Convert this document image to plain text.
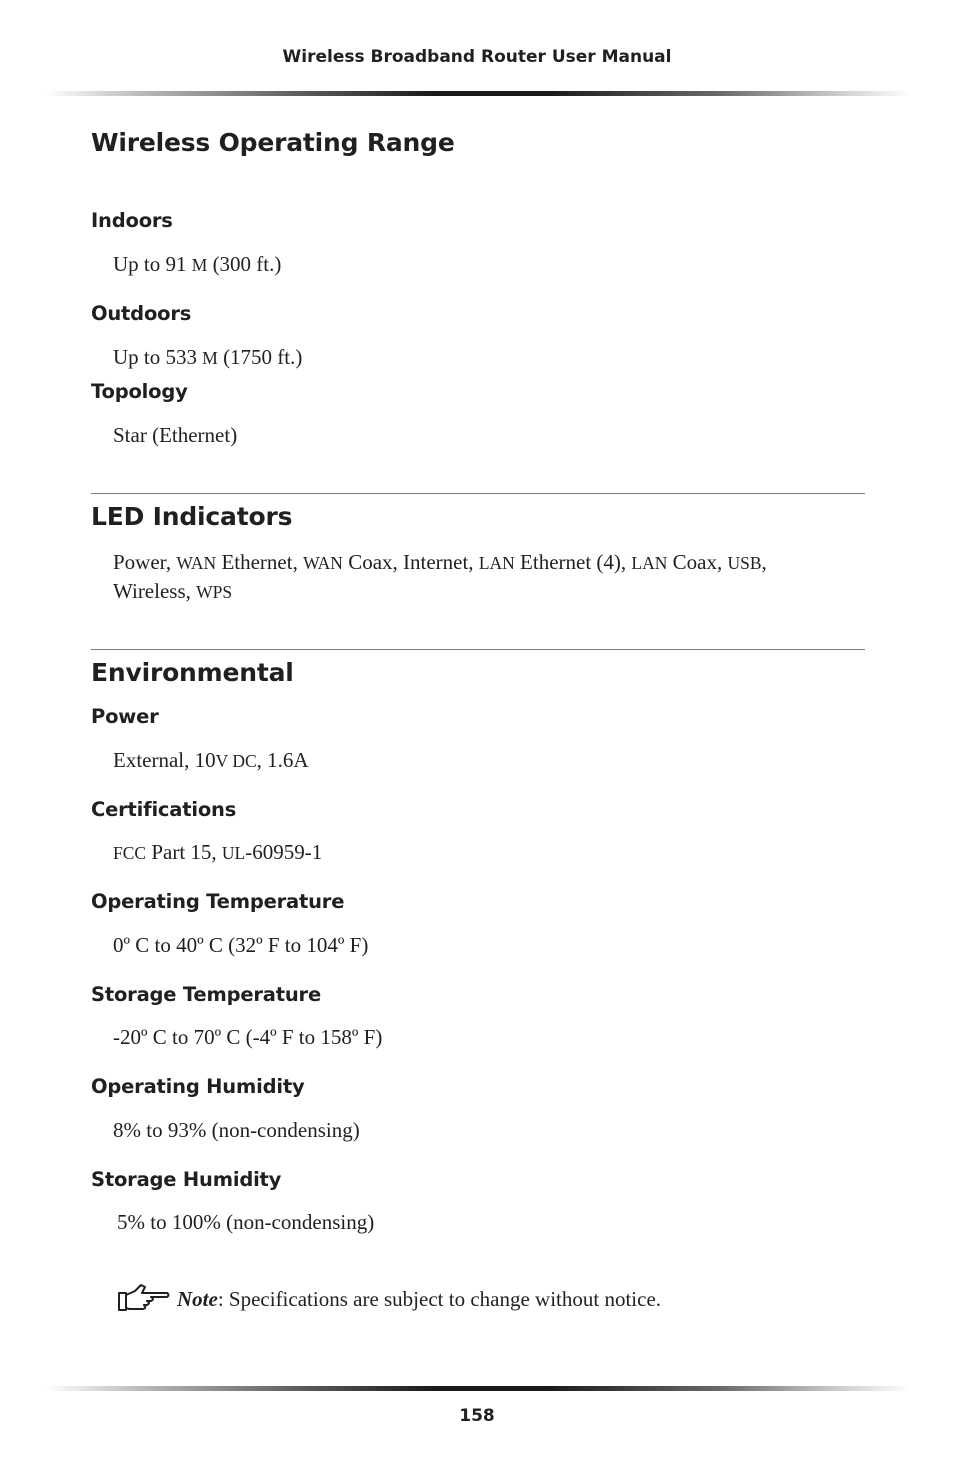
Wireless Broadband Router User Manual
Wireless Operating Range
Indoors
Up to 91 M (300 ft.)
Outdoors
Up to 533 M (1750 ft.)
Topology
Star (Ethernet)
LED Indicators
Power, WAN Ethernet, WAN Coax, Internet, LAN Ethernet (4), LAN Coax, USB,
Wireless, WPS
Environmental
Power
External, 10V DC, 1.6A
Certifications
FCC Part 15, UL-60959-1
Operating Temperature
0º C to 40º C (32º F to 104º F)
Storage Temperature
-20º C to 70º C (-4º F to 158º F)
Operating Humidity
8% to 93% (non-condensing)
Storage Humidity
5% to 100% (non-condensing)
Note: Specifications are subject to change without notice.
158
